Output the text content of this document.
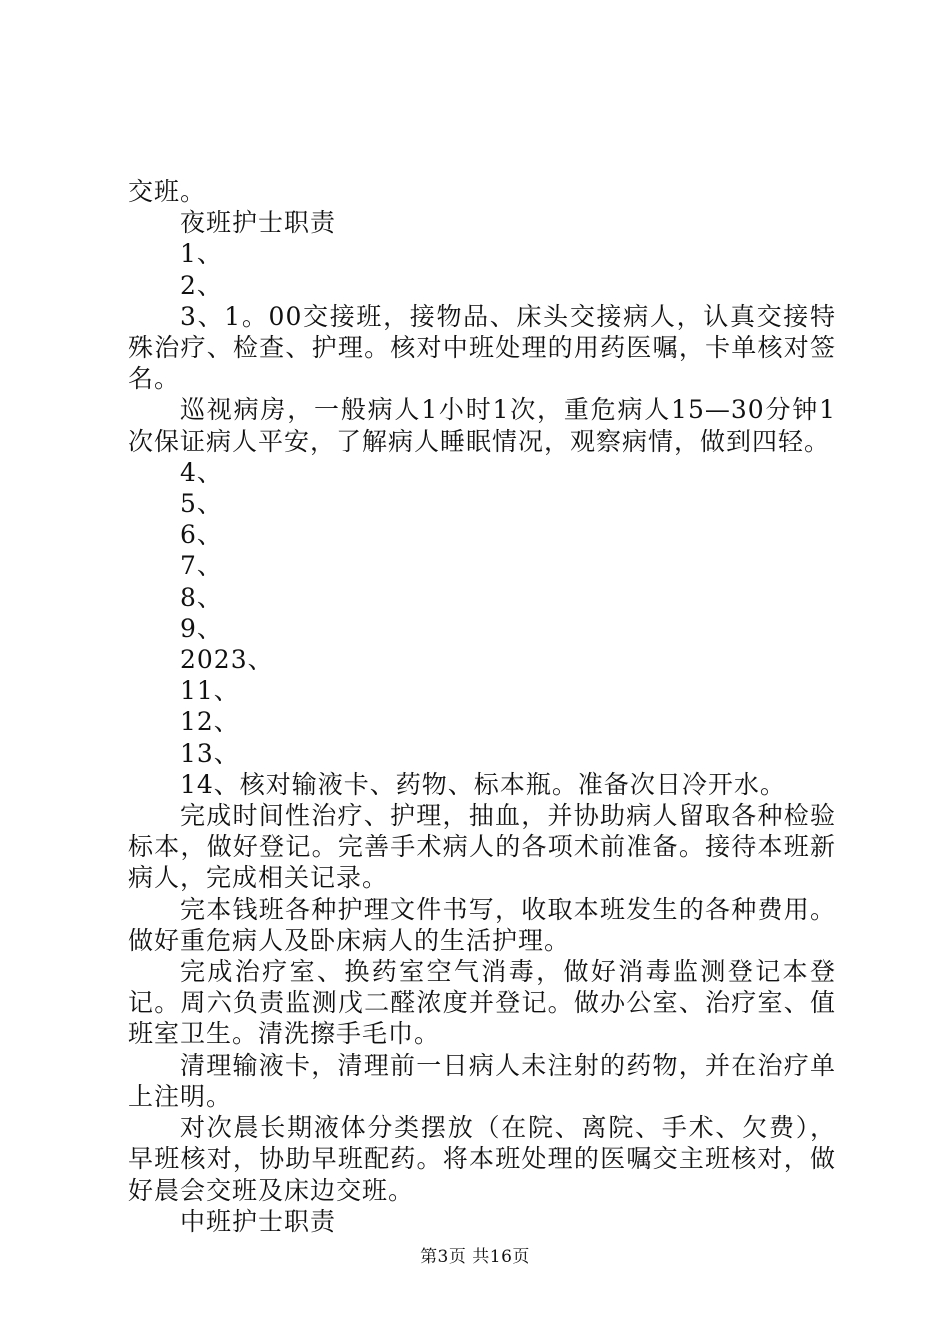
交班。

夜班护士职责

1、

2、

3、1。00交接班，接物品、床头交接病人，认真交接特殊治疗、检查、护理。核对中班处理的用药医嘱，卡单核对签名。

巡视病房，一般病人1小时1次，重危病人15—30分钟1次保证病人平安，了解病人睡眠情况，观察病情，做到四轻。

4、

5、

6、

7、

8、

9、

2023、

11、

12、

13、

14、核对输液卡、药物、标本瓶。准备次日冷开水。

完成时间性治疗、护理，抽血，并协助病人留取各种检验标本，做好登记。完善手术病人的各项术前准备。接待本班新病人，完成相关记录。

完本钱班各种护理文件书写，收取本班发生的各种费用。做好重危病人及卧床病人的生活护理。

完成治疗室、换药室空气消毒，做好消毒监测登记本登记。周六负责监测戊二醛浓度并登记。做办公室、治疗室、值班室卫生。清洗擦手毛巾。

清理输液卡，清理前一日病人未注射的药物，并在治疗单上注明。

对次晨长期液体分类摆放（在院、离院、手术、欠费），早班核对，协助早班配药。将本班处理的医嘱交主班核对，做好晨会交班及床边交班。

中班护士职责

第3页 共16页
